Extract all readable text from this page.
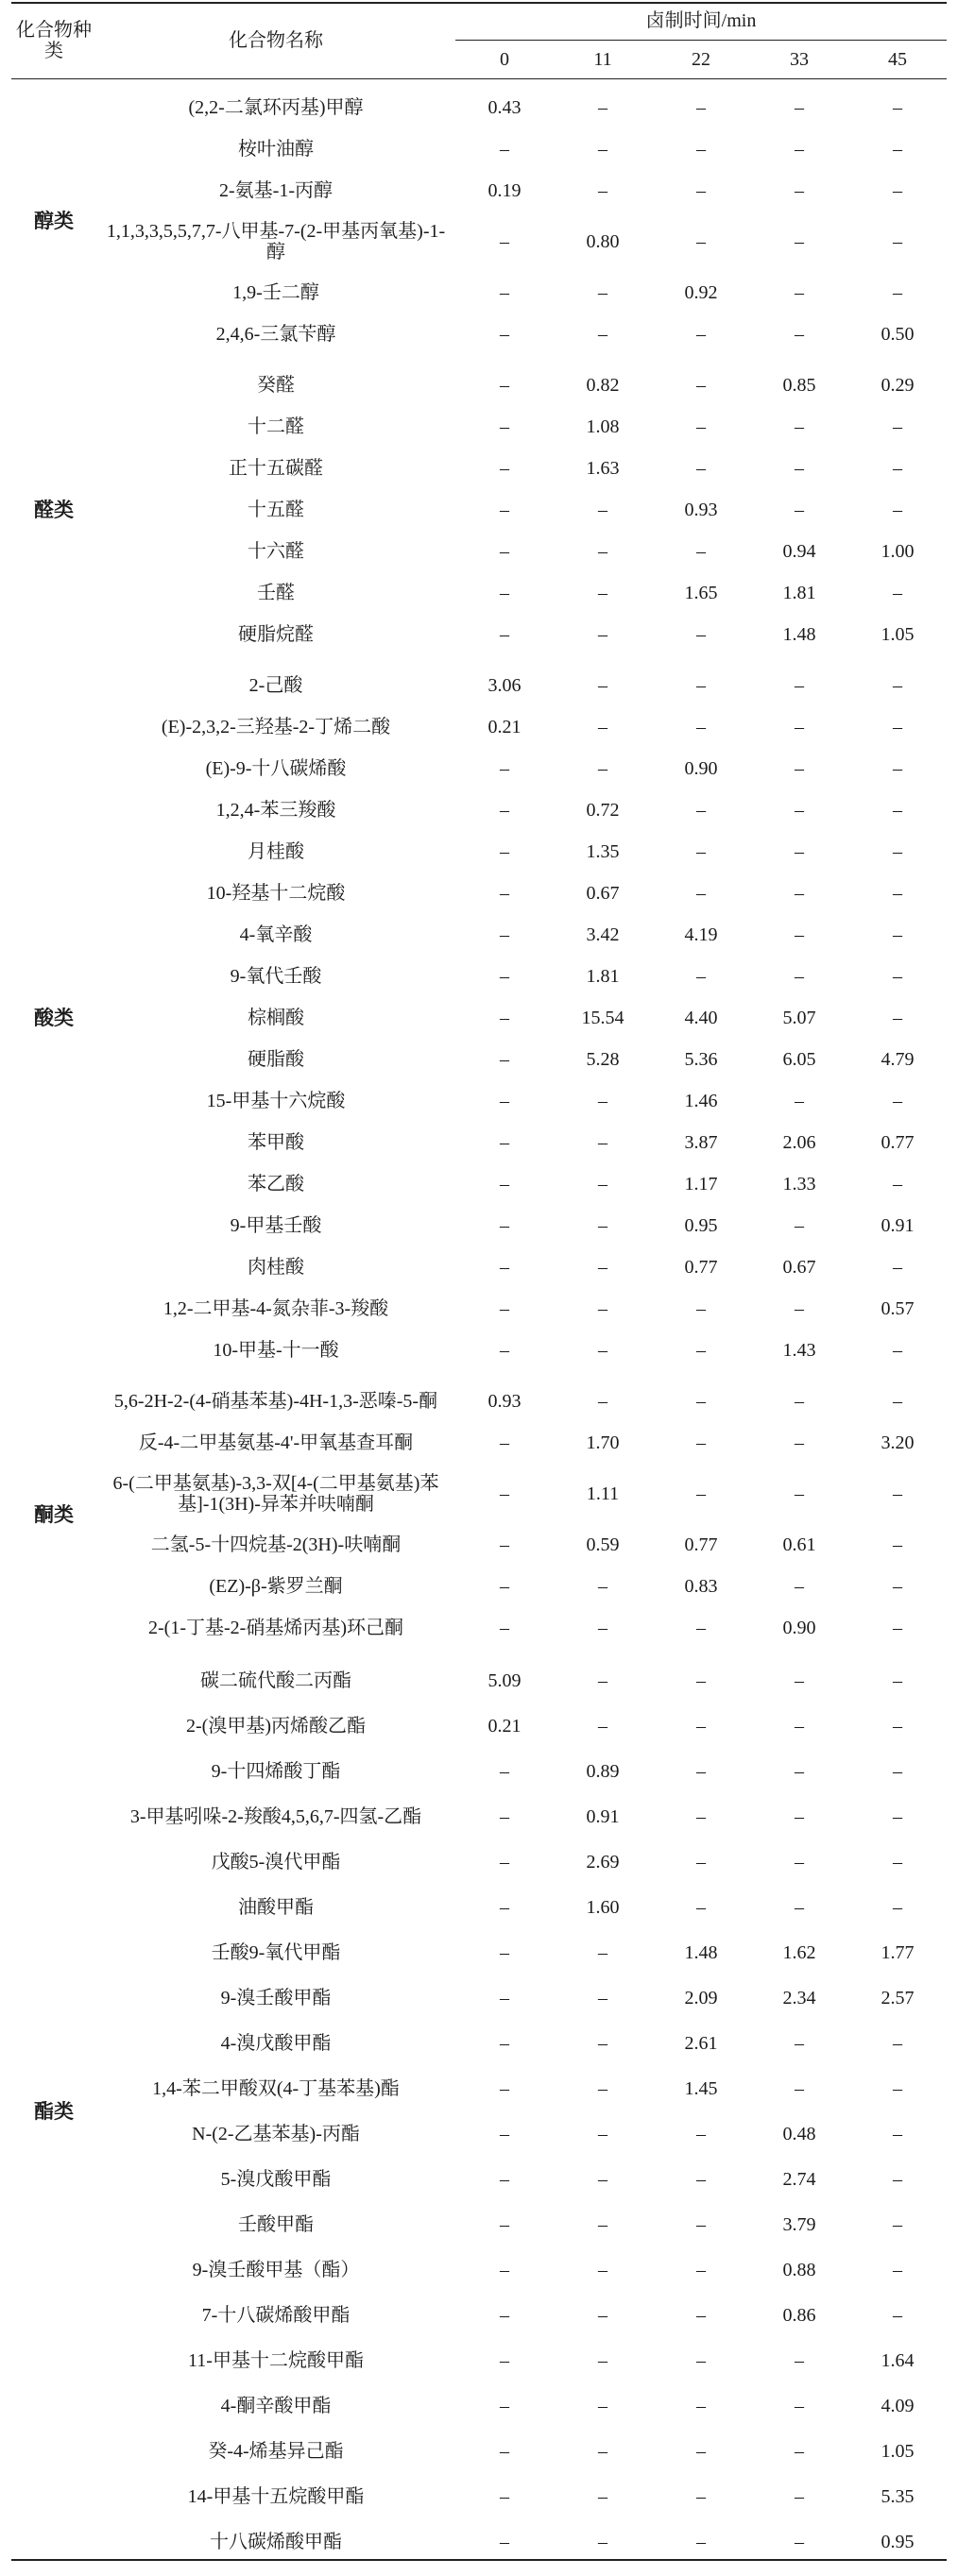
化合物种类	化合物名称	卤制时间/min				
		0	11	22	33	45

醇类	(2,2-二氯环丙基)甲醇	0.43	–	–	–	–
	桉叶油醇	–	–	–	–	–
	2-氨基-1-丙醇	0.19	–	–	–	–
	1,1,3,3,5,5,7,7-八甲基-7-(2-甲基丙氧基)-1-醇	–	0.80	–	–	–
	1,9-壬二醇	–	–	0.92	–	–
	2,4,6-三氯苄醇	–	–	–	–	0.50

醛类	癸醛	–	0.82	–	0.85	0.29
	十二醛	–	1.08	–	–	–
	正十五碳醛	–	1.63	–	–	–
	十五醛	–	–	0.93	–	–
	十六醛	–	–	–	0.94	1.00
	壬醛	–	–	1.65	1.81	–
	硬脂烷醛	–	–	–	1.48	1.05

酸类	2-己酸	3.06	–	–	–	–
	(E)-2,3,2-三羟基-2-丁烯二酸	0.21	–	–	–	–
	(E)-9-十八碳烯酸	–	–	0.90	–	–
	1,2,4-苯三羧酸	–	0.72	–	–	–
	月桂酸	–	1.35	–	–	–
	10-羟基十二烷酸	–	0.67	–	–	–
	4-氧辛酸	–	3.42	4.19	–	–
	9-氧代壬酸	–	1.81	–	–	–
	棕榈酸	–	15.54	4.40	5.07	–
	硬脂酸	–	5.28	5.36	6.05	4.79
	15-甲基十六烷酸	–	–	1.46	–	–
	苯甲酸	–	–	3.87	2.06	0.77
	苯乙酸	–	–	1.17	1.33	–
	9-甲基壬酸	–	–	0.95	–	0.91
	肉桂酸	–	–	0.77	0.67	–
	1,2-二甲基-4-氮杂菲-3-羧酸	–	–	–	–	0.57
	10-甲基-十一酸	–	–	–	1.43	–

酮类	5,6-2H-2-(4-硝基苯基)-4H-1,3-恶嗪-5-酮	0.93	–	–	–	–
	反-4-二甲基氨基-4'-甲氧基查耳酮	–	1.70	–	–	3.20
	6-(二甲基氨基)-3,3-双[4-(二甲基氨基)苯基]-1(3H)-异苯并呋喃酮	–	1.11	–	–	–
	二氢-5-十四烷基-2(3H)-呋喃酮	–	0.59	0.77	0.61	–
	(EZ)-β-紫罗兰酮	–	–	0.83	–	–
	2-(1-丁基-2-硝基烯丙基)环己酮	–	–	–	0.90	–

酯类	碳二硫代酸二丙酯	5.09	–	–	–	–
	2-(溴甲基)丙烯酸乙酯	0.21	–	–	–	–
	9-十四烯酸丁酯	–	0.89	–	–	–
	3-甲基吲哚-2-羧酸4,5,6,7-四氢-乙酯	–	0.91	–	–	–
	戊酸5-溴代甲酯	–	2.69	–	–	–
	油酸甲酯	–	1.60	–	–	–
	壬酸9-氧代甲酯	–	–	1.48	1.62	1.77
	9-溴壬酸甲酯	–	–	2.09	2.34	2.57
	4-溴戊酸甲酯	–	–	2.61	–	–
	1,4-苯二甲酸双(4-丁基苯基)酯	–	–	1.45	–	–
	N-(2-乙基苯基)-丙酯	–	–	–	0.48	–
	5-溴戊酸甲酯	–	–	–	2.74	–
	壬酸甲酯	–	–	–	3.79	–
	9-溴壬酸甲基（酯）	–	–	–	0.88	–
	7-十八碳烯酸甲酯	–	–	–	0.86	–
	11-甲基十二烷酸甲酯	–	–	–	–	1.64
	4-酮辛酸甲酯	–	–	–	–	4.09
	癸-4-烯基异己酯	–	–	–	–	1.05
	14-甲基十五烷酸甲酯	–	–	–	–	5.35
	十八碳烯酸甲酯	–	–	–	–	0.95
